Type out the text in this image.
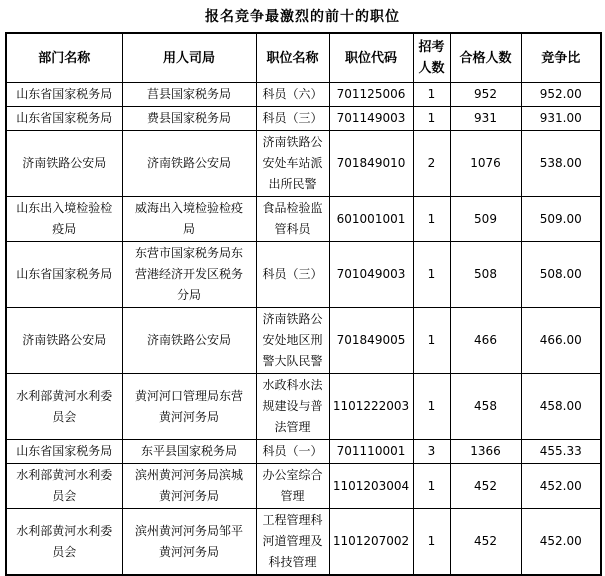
报名竞争最激烈的前十的职位
部门名称	用人司局	职位名称	职位代码	招考人数	合格人数	竞争比
山东省国家税务局	莒县国家税务局	科员（六）	701125006	1	952	952.00
山东省国家税务局	费县国家税务局	科员（三）	701149003	1	931	931.00
济南铁路公安局	济南铁路公安局	济南铁路公安处车站派出所民警	701849010	2	1076	538.00
山东出入境检验检疫局	威海出入境检验检疫局	食品检验监管科员	601001001	1	509	509.00
山东省国家税务局	东营市国家税务局东营港经济开发区税务分局	科员（三）	701049003	1	508	508.00
济南铁路公安局	济南铁路公安局	济南铁路公安处地区刑警大队民警	701849005	1	466	466.00
水利部黄河水利委员会	黄河河口管理局东营黄河河务局	水政科水法规建设与普法管理	1101222003	1	458	458.00
山东省国家税务局	东平县国家税务局	科员（一）	701110001	3	1366	455.33
水利部黄河水利委员会	滨州黄河河务局滨城黄河河务局	办公室综合管理	1101203004	1	452	452.00
水利部黄河水利委员会	滨州黄河河务局邹平黄河河务局	工程管理科河道管理及科技管理	1101207002	1	452	452.00
